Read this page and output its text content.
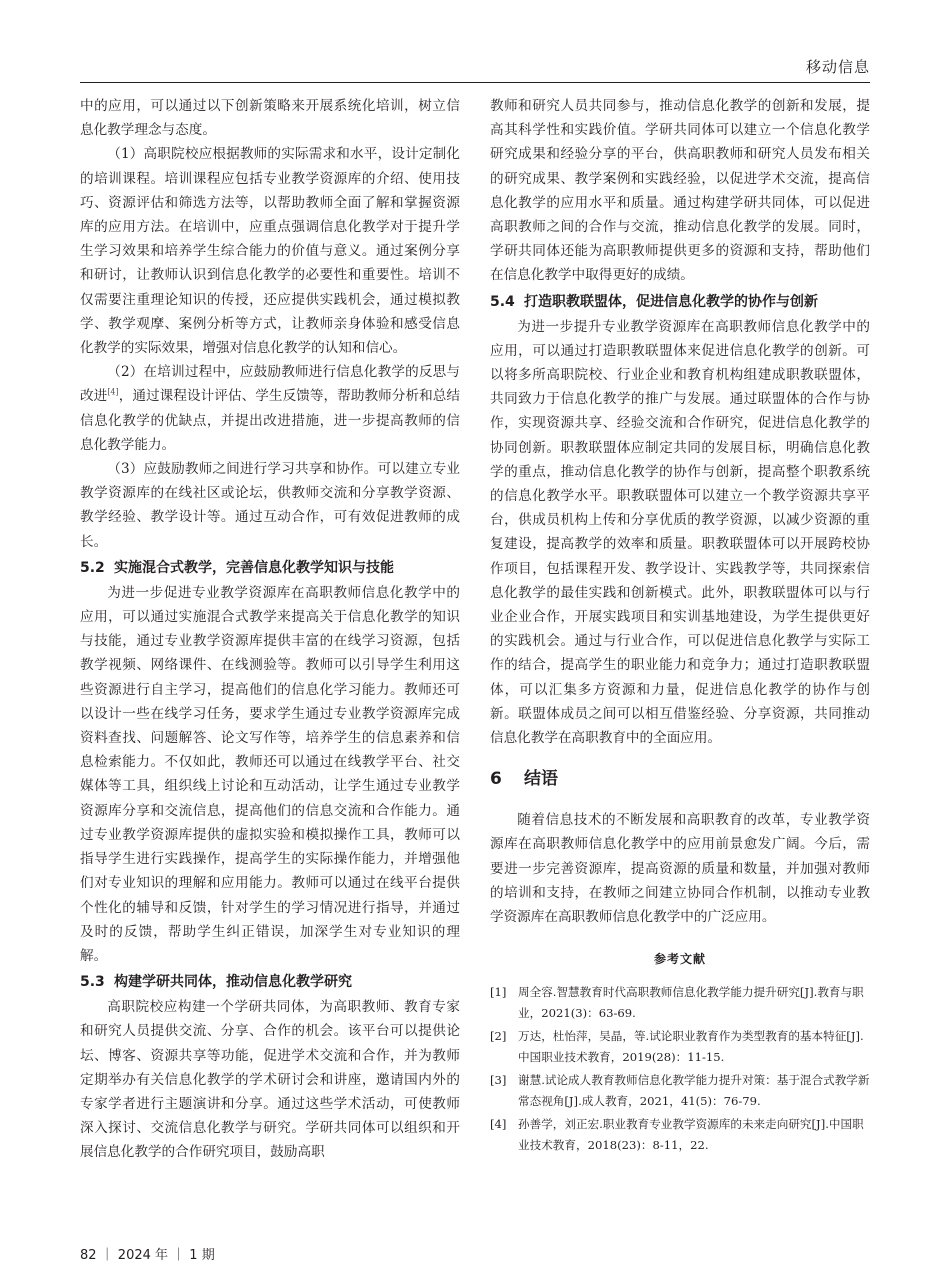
移动信息

中的应用，可以通过以下创新策略来开展系统化培训，树立信息化教学理念与态度。

（1）高职院校应根据教师的实际需求和水平，设计定制化的培训课程。培训课程应包括专业教学资源库的介绍、使用技巧、资源评估和筛选方法等，以帮助教师全面了解和掌握资源库的应用方法。在培训中，应重点强调信息化教学对于提升学生学习效果和培养学生综合能力的价值与意义。通过案例分享和研讨，让教师认识到信息化教学的必要性和重要性。培训不仅需要注重理论知识的传授，还应提供实践机会，通过模拟教学、教学观摩、案例分析等方式，让教师亲身体验和感受信息化教学的实际效果，增强对信息化教学的认知和信心。

（2）在培训过程中，应鼓励教师进行信息化教学的反思与改进[4]，通过课程设计评估、学生反馈等，帮助教师分析和总结信息化教学的优缺点，并提出改进措施，进一步提高教师的信息化教学能力。

（3）应鼓励教师之间进行学习共享和协作。可以建立专业教学资源库的在线社区或论坛，供教师交流和分享教学资源、教学经验、教学设计等。通过互动合作，可有效促进教师的成长。

5.2 实施混合式教学，完善信息化教学知识与技能

为进一步促进专业教学资源库在高职教师信息化教学中的应用，可以通过实施混合式教学来提高关于信息化教学的知识与技能，通过专业教学资源库提供丰富的在线学习资源，包括教学视频、网络课件、在线测验等。教师可以引导学生利用这些资源进行自主学习，提高他们的信息化学习能力。教师还可以设计一些在线学习任务，要求学生通过专业教学资源库完成资料查找、问题解答、论文写作等，培养学生的信息素养和信息检索能力。不仅如此，教师还可以通过在线教学平台、社交媒体等工具，组织线上讨论和互动活动，让学生通过专业教学资源库分享和交流信息，提高他们的信息交流和合作能力。通过专业教学资源库提供的虚拟实验和模拟操作工具，教师可以指导学生进行实践操作，提高学生的实际操作能力，并增强他们对专业知识的理解和应用能力。教师可以通过在线平台提供个性化的辅导和反馈，针对学生的学习情况进行指导，并通过及时的反馈，帮助学生纠正错误，加深学生对专业知识的理解。

5.3 构建学研共同体，推动信息化教学研究

高职院校应构建一个学研共同体，为高职教师、教育专家和研究人员提供交流、分享、合作的机会。该平台可以提供论坛、博客、资源共享等功能，促进学术交流和合作，并为教师定期举办有关信息化教学的学术研讨会和讲座，邀请国内外的专家学者进行主题演讲和分享。通过这些学术活动，可使教师深入探讨、交流信息化教学与研究。学研共同体可以组织和开展信息化教学的合作研究项目，鼓励高职

教师和研究人员共同参与，推动信息化教学的创新和发展，提高其科学性和实践价值。学研共同体可以建立一个信息化教学研究成果和经验分享的平台，供高职教师和研究人员发布相关的研究成果、教学案例和实践经验，以促进学术交流，提高信息化教学的应用水平和质量。通过构建学研共同体，可以促进高职教师之间的合作与交流，推动信息化教学的发展。同时，学研共同体还能为高职教师提供更多的资源和支持，帮助他们在信息化教学中取得更好的成绩。

5.4 打造职教联盟体，促进信息化教学的协作与创新

为进一步提升专业教学资源库在高职教师信息化教学中的应用，可以通过打造职教联盟体来促进信息化教学的创新。可以将多所高职院校、行业企业和教育机构组建成职教联盟体，共同致力于信息化教学的推广与发展。通过联盟体的合作与协作，实现资源共享、经验交流和合作研究，促进信息化教学的协同创新。职教联盟体应制定共同的发展目标，明确信息化教学的重点，推动信息化教学的协作与创新，提高整个职教系统的信息化教学水平。职教联盟体可以建立一个教学资源共享平台，供成员机构上传和分享优质的教学资源，以减少资源的重复建设，提高教学的效率和质量。职教联盟体可以开展跨校协作项目，包括课程开发、教学设计、实践教学等，共同探索信息化教学的最佳实践和创新模式。此外，职教联盟体可以与行业企业合作，开展实践项目和实训基地建设，为学生提供更好的实践机会。通过与行业合作，可以促进信息化教学与实际工作的结合，提高学生的职业能力和竞争力；通过打造职教联盟体，可以汇集多方资源和力量，促进信息化教学的协作与创新。联盟体成员之间可以相互借鉴经验、分享资源，共同推动信息化教学在高职教育中的全面应用。

6 结语

随着信息技术的不断发展和高职教育的改革，专业教学资源库在高职教师信息化教学中的应用前景愈发广阔。今后，需要进一步完善资源库，提高资源的质量和数量，并加强对教师的培训和支持，在教师之间建立协同合作机制，以推动专业教学资源库在高职教师信息化教学中的广泛应用。

参考文献
[1] 周全容.智慧教育时代高职教师信息化教学能力提升研究[J].教育与职业，2021(3)：63-69.
[2] 万达，杜怡萍，吴晶，等.试论职业教育作为类型教育的基本特征[J].中国职业技术教育，2019(28)：11-15.
[3] 谢慧.试论成人教育教师信息化教学能力提升对策：基于混合式教学新常态视角[J].成人教育，2021，41(5)：76-79.
[4] 孙善学，刘正宏.职业教育专业教学资源库的未来走向研究[J].中国职业技术教育，2018(23)：8-11，22.
82 ｜ 2024 年 ｜ 1 期
